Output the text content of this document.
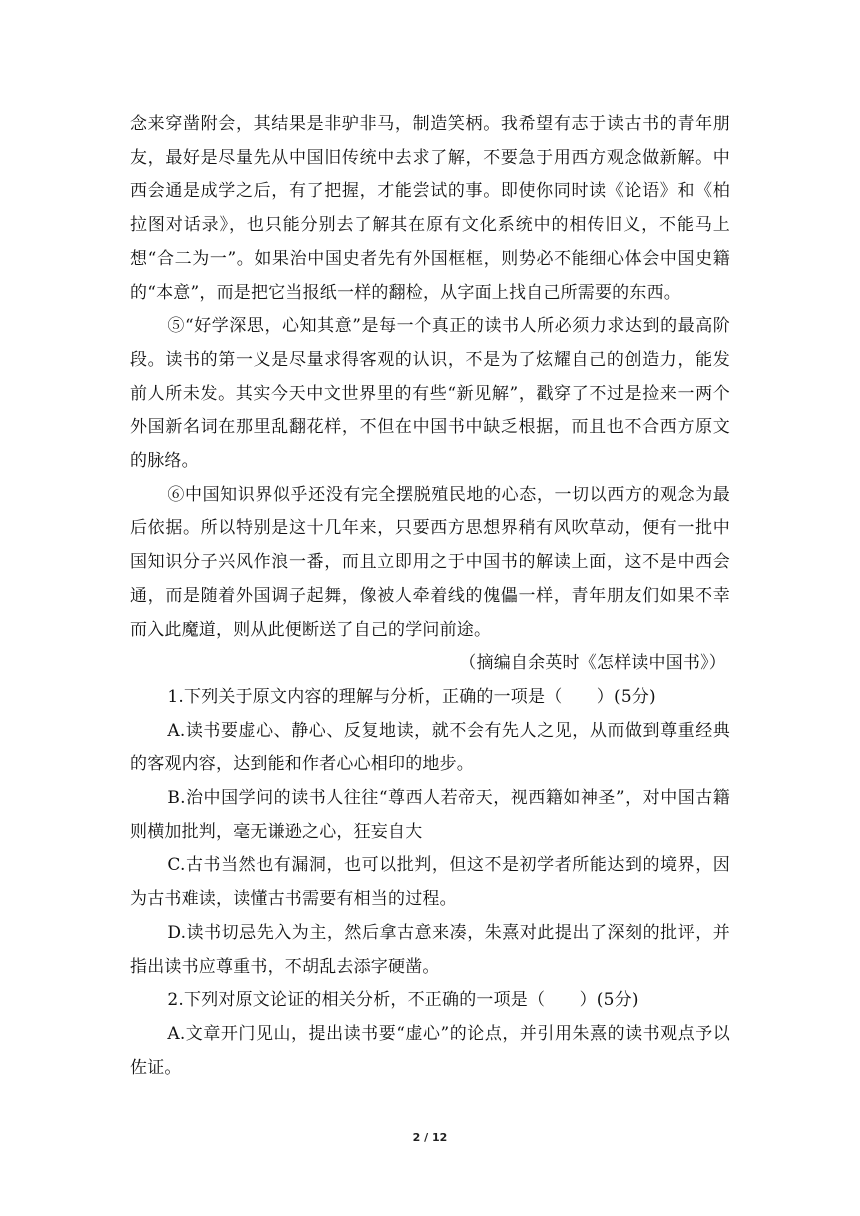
念来穿凿附会，其结果是非驴非马，制造笑柄。我希望有志于读古书的青年朋友，最好是尽量先从中国旧传统中去求了解，不要急于用西方观念做新解。中西会通是成学之后，有了把握，才能尝试的事。即使你同时读《论语》和《柏拉图对话录》，也只能分别去了解其在原有文化系统中的相传旧义，不能马上想“合二为一”。如果治中国史者先有外国框框，则势必不能细心体会中国史籍的“本意”，而是把它当报纸一样的翻检，从字面上找自己所需要的东西。

⑤“好学深思，心知其意”是每一个真正的读书人所必须力求达到的最高阶段。读书的第一义是尽量求得客观的认识，不是为了炫耀自己的创造力，能发前人所未发。其实今天中文世界里的有些“新见解”，戳穿了不过是捡来一两个外国新名词在那里乱翻花样，不但在中国书中缺乏根据，而且也不合西方原文的脉络。

⑥中国知识界似乎还没有完全摆脱殖民地的心态，一切以西方的观念为最后依据。所以特别是这十几年来，只要西方思想界稍有风吹草动，便有一批中国知识分子兴风作浪一番，而且立即用之于中国书的解读上面，这不是中西会通，而是随着外国调子起舞，像被人牵着线的傀儡一样，青年朋友们如果不幸而入此魔道，则从此便断送了自己的学问前途。

（摘编自余英时《怎样读中国书》）

1.下列关于原文内容的理解与分析，正确的一项是（　　）(5分)

A.读书要虚心、静心、反复地读，就不会有先人之见，从而做到尊重经典的客观内容，达到能和作者心心相印的地步。

B.治中国学问的读书人往往“尊西人若帝天，视西籍如神圣”，对中国古籍则横加批判，毫无谦逊之心，狂妄自大

C.古书当然也有漏洞，也可以批判，但这不是初学者所能达到的境界，因为古书难读，读懂古书需要有相当的过程。

D.读书切忌先入为主，然后拿古意来凑，朱熹对此提出了深刻的批评，并指出读书应尊重书，不胡乱去添字硬凿。

2.下列对原文论证的相关分析，不正确的一项是（　　）(5分)

A.文章开门见山，提出读书要“虚心”的论点，并引用朱熹的读书观点予以佐证。

2 / 12
